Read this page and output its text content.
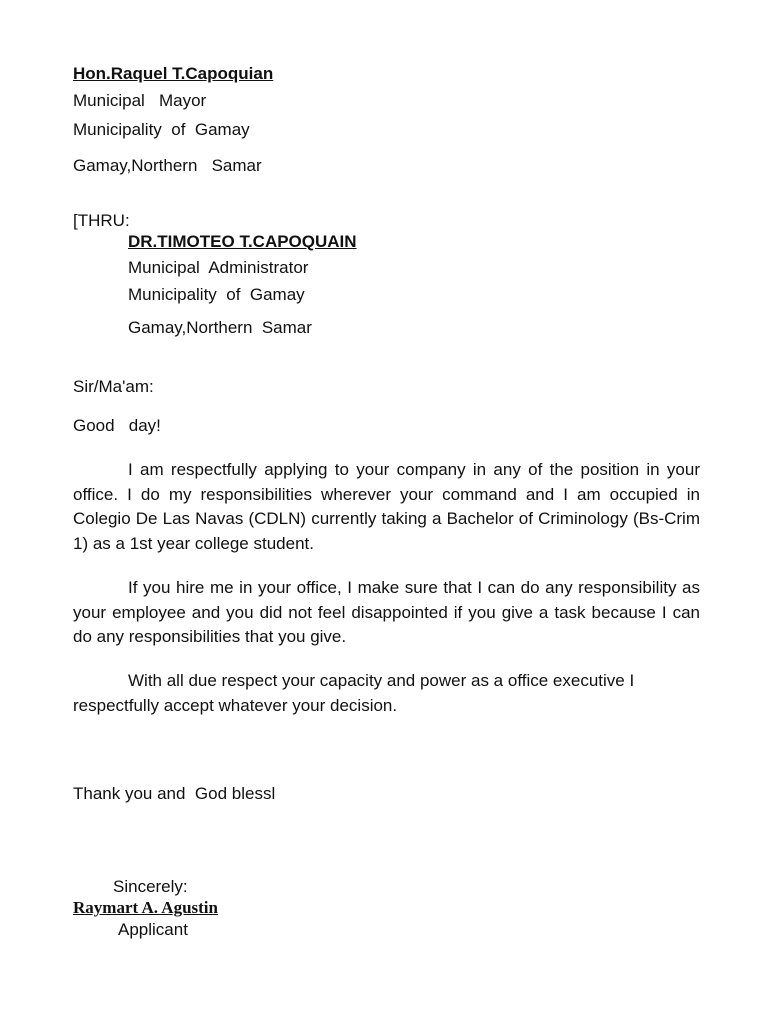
Hon.Raquel T.Capoquian
Municipal   Mayor
Municipality  of  Gamay
Gamay,Northern   Samar
[THRU:
DR.TIMOTEO T.CAPOQUAIN
Municipal  Administrator
Municipality  of  Gamay
Gamay,Northern  Samar
Sir/Ma'am:
Good   day!
I am respectfully applying to your company in any of the position in your office. I do my responsibilities wherever your command and I am occupied in Colegio De Las Navas (CDLN) currently taking a Bachelor of Criminology (Bs-Crim 1) as a 1st year college student.
If you hire me in your office, I make sure that I can do any responsibility as your employee and you did not feel disappointed if you give a task because I can do any responsibilities that you give.
With all due respect your capacity and power as a office executive I respectfully accept whatever your decision.
Thank you and  God blessl
Sincerely:
Raymart A. Agustin
Applicant
